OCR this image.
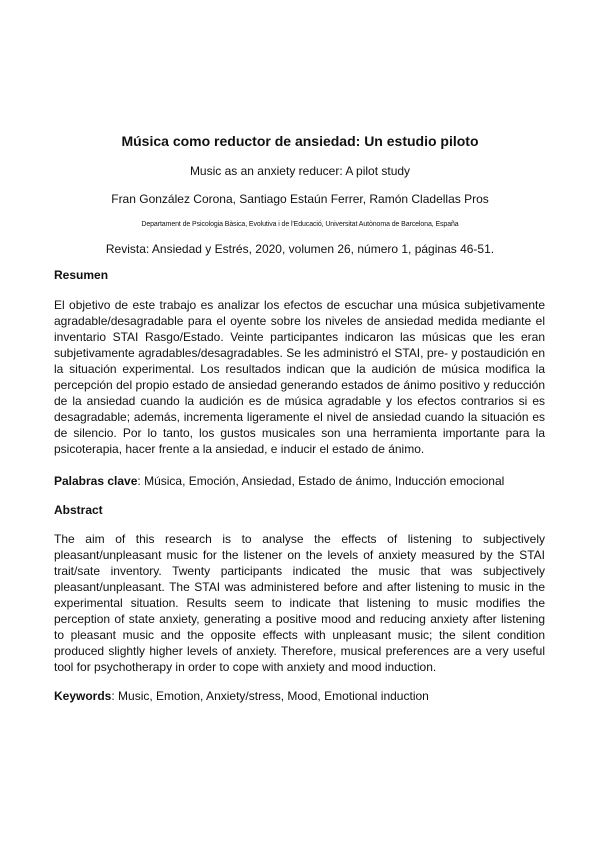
Música como reductor de ansiedad: Un estudio piloto
Music as an anxiety reducer: A pilot study
Fran González Corona, Santiago Estaún Ferrer, Ramón Cladellas Pros
Departament de Psicologia Bàsica, Evolutiva i de l'Educació, Universitat Autònoma de Barcelona, España
Revista: Ansiedad y Estrés, 2020, volumen 26, número 1, páginas 46-51.
Resumen
El objetivo de este trabajo es analizar los efectos de escuchar una música subjetivamente agradable/desagradable para el oyente sobre los niveles de ansiedad medida mediante el inventario STAI Rasgo/Estado. Veinte participantes indicaron las músicas que les eran subjetivamente agradables/desagradables. Se les administró el STAI, pre- y postaudición en la situación experimental. Los resultados indican que la audición de música modifica la percepción del propio estado de ansiedad generando estados de ánimo positivo y reducción de la ansiedad cuando la audición es de música agradable y los efectos contrarios si es desagradable; además, incrementa ligeramente el nivel de ansiedad cuando la situación es de silencio. Por lo tanto, los gustos musicales son una herramienta importante para la psicoterapia, hacer frente a la ansiedad, e inducir el estado de ánimo.
Palabras clave: Música, Emoción, Ansiedad, Estado de ánimo, Inducción emocional
Abstract
The aim of this research is to analyse the effects of listening to subjectively pleasant/unpleasant music for the listener on the levels of anxiety measured by the STAI trait/sate inventory. Twenty participants indicated the music that was subjectively pleasant/unpleasant. The STAI was administered before and after listening to music in the experimental situation. Results seem to indicate that listening to music modifies the perception of state anxiety, generating a positive mood and reducing anxiety after listening to pleasant music and the opposite effects with unpleasant music; the silent condition produced slightly higher levels of anxiety. Therefore, musical preferences are a very useful tool for psychotherapy in order to cope with anxiety and mood induction.
Keywords: Music, Emotion, Anxiety/stress, Mood, Emotional induction
